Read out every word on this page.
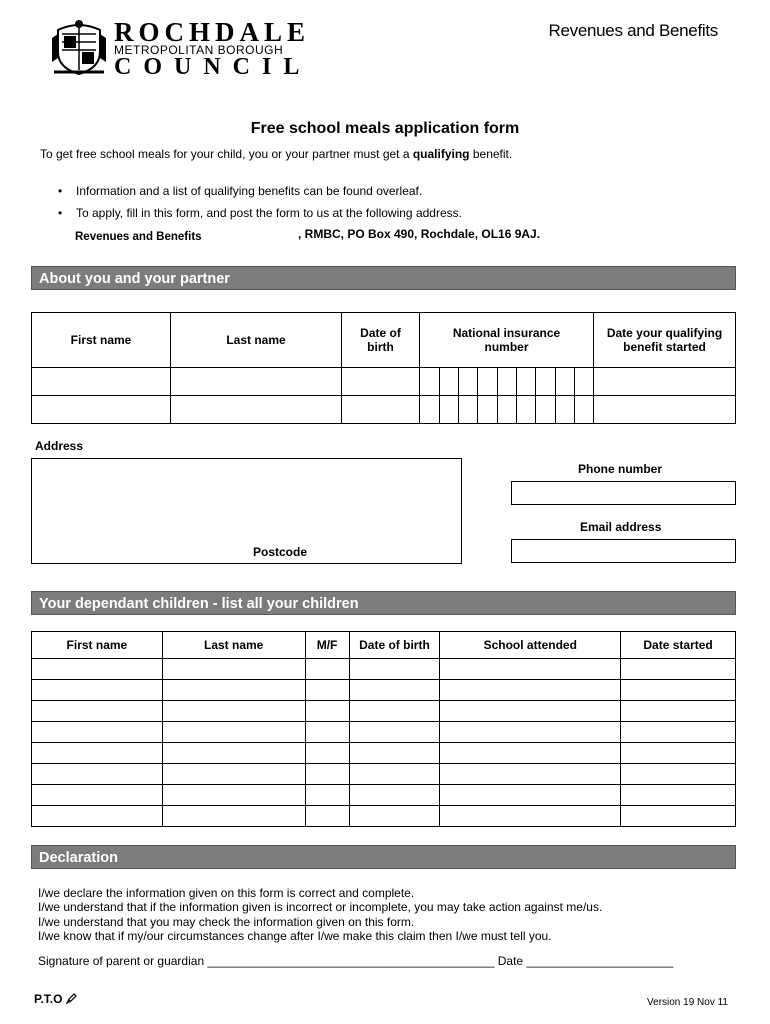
ROCHDALE
METROPOLITAN BOROUGH
COUNCIL
Revenues and Benefits
Free school meals application form
To get free school meals for your child, you or your partner must get a qualifying benefit.
• Information and a list of qualifying benefits can be found overleaf.
• To apply, fill in this form, and post the form to us at the following address.
Revenues and Benefits	, RMBC, PO Box 490, Rochdale, OL16 9AJ.
About you and your partner
First name	Last name	Date of birth	National insurance number									Date your qualifying benefit started

Address
Postcode
Phone number
Email address
Your dependant children - list all your children
First name	Last name	M/F	Date of birth	School attended	Date started

Declaration
I/we declare the information given on this form is correct and complete.
I/we understand that if the information given is incorrect or incomplete, you may take action against me/us.
I/we understand that you may check the information given on this form.
I/we know that if my/our circumstances change after I/we make this claim then I/we must tell you.
Signature of parent or guardian ___________________________________________ Date ______________________
P.T.O	Version 19 Nov 11
